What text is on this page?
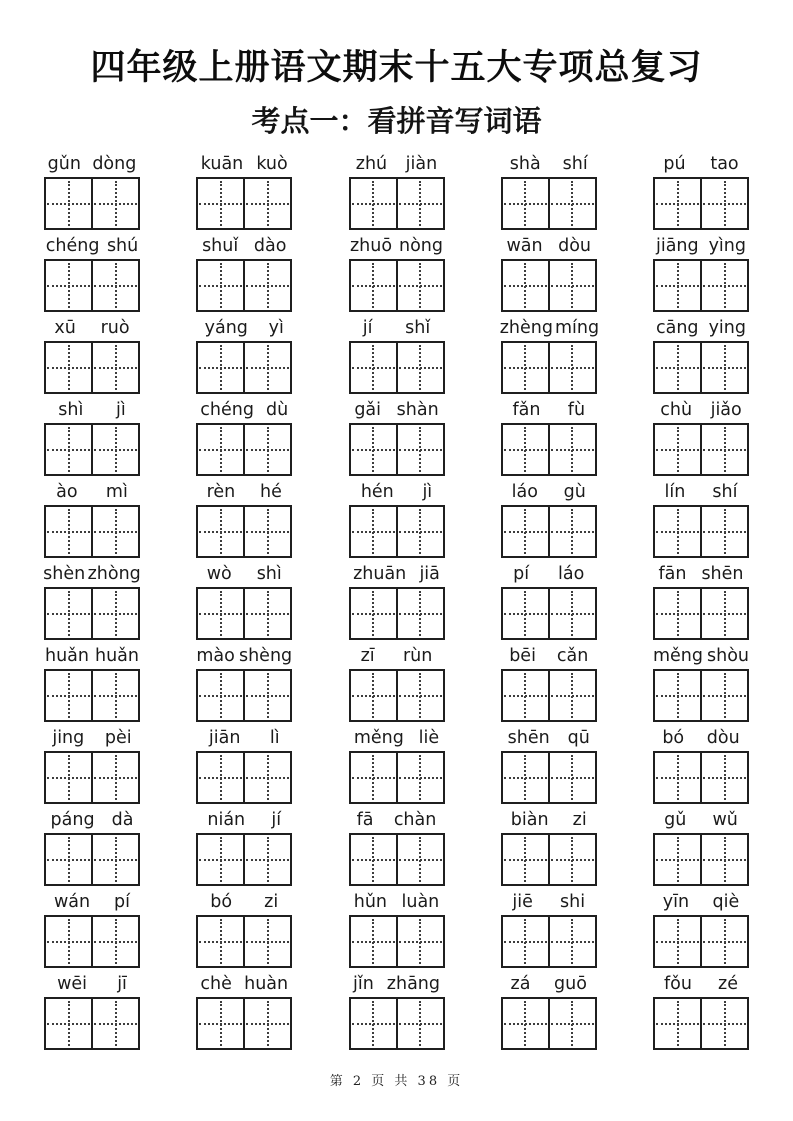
四年级上册语文期末十五大专项总复习
考点一：看拼音写词语
gǔn dòng	kuān kuò	zhú jiàn	shà shí	pú tao
chéng shú	shuǐ dào	zhuō nòng	wān dòu	jiāng yìng
xū ruò	yáng yì	jí shǐ	zhèng míng	cāng ying
shì jì	chéng dù	gǎi shàn	fǎn fù	chù jiǎo
ào mì	rèn hé	hén jì	láo gù	lín shí
shèn zhòng	wò shì	zhuān jiā	pí láo	fān shēn
huǎn huǎn	mào shèng	zī rùn	bēi cǎn	měng shòu
jing pèi	jiān lì	měng liè	shēn qū	bó dòu
páng dà	nián jí	fā chàn	biàn zi	gǔ wǔ
wán pí	bó zi	hǔn luàn	jiē shi	yīn qiè
wēi jī	chè huàn	jǐn zhāng	zá guō	fǒu zé
第 2 页 共 38 页
